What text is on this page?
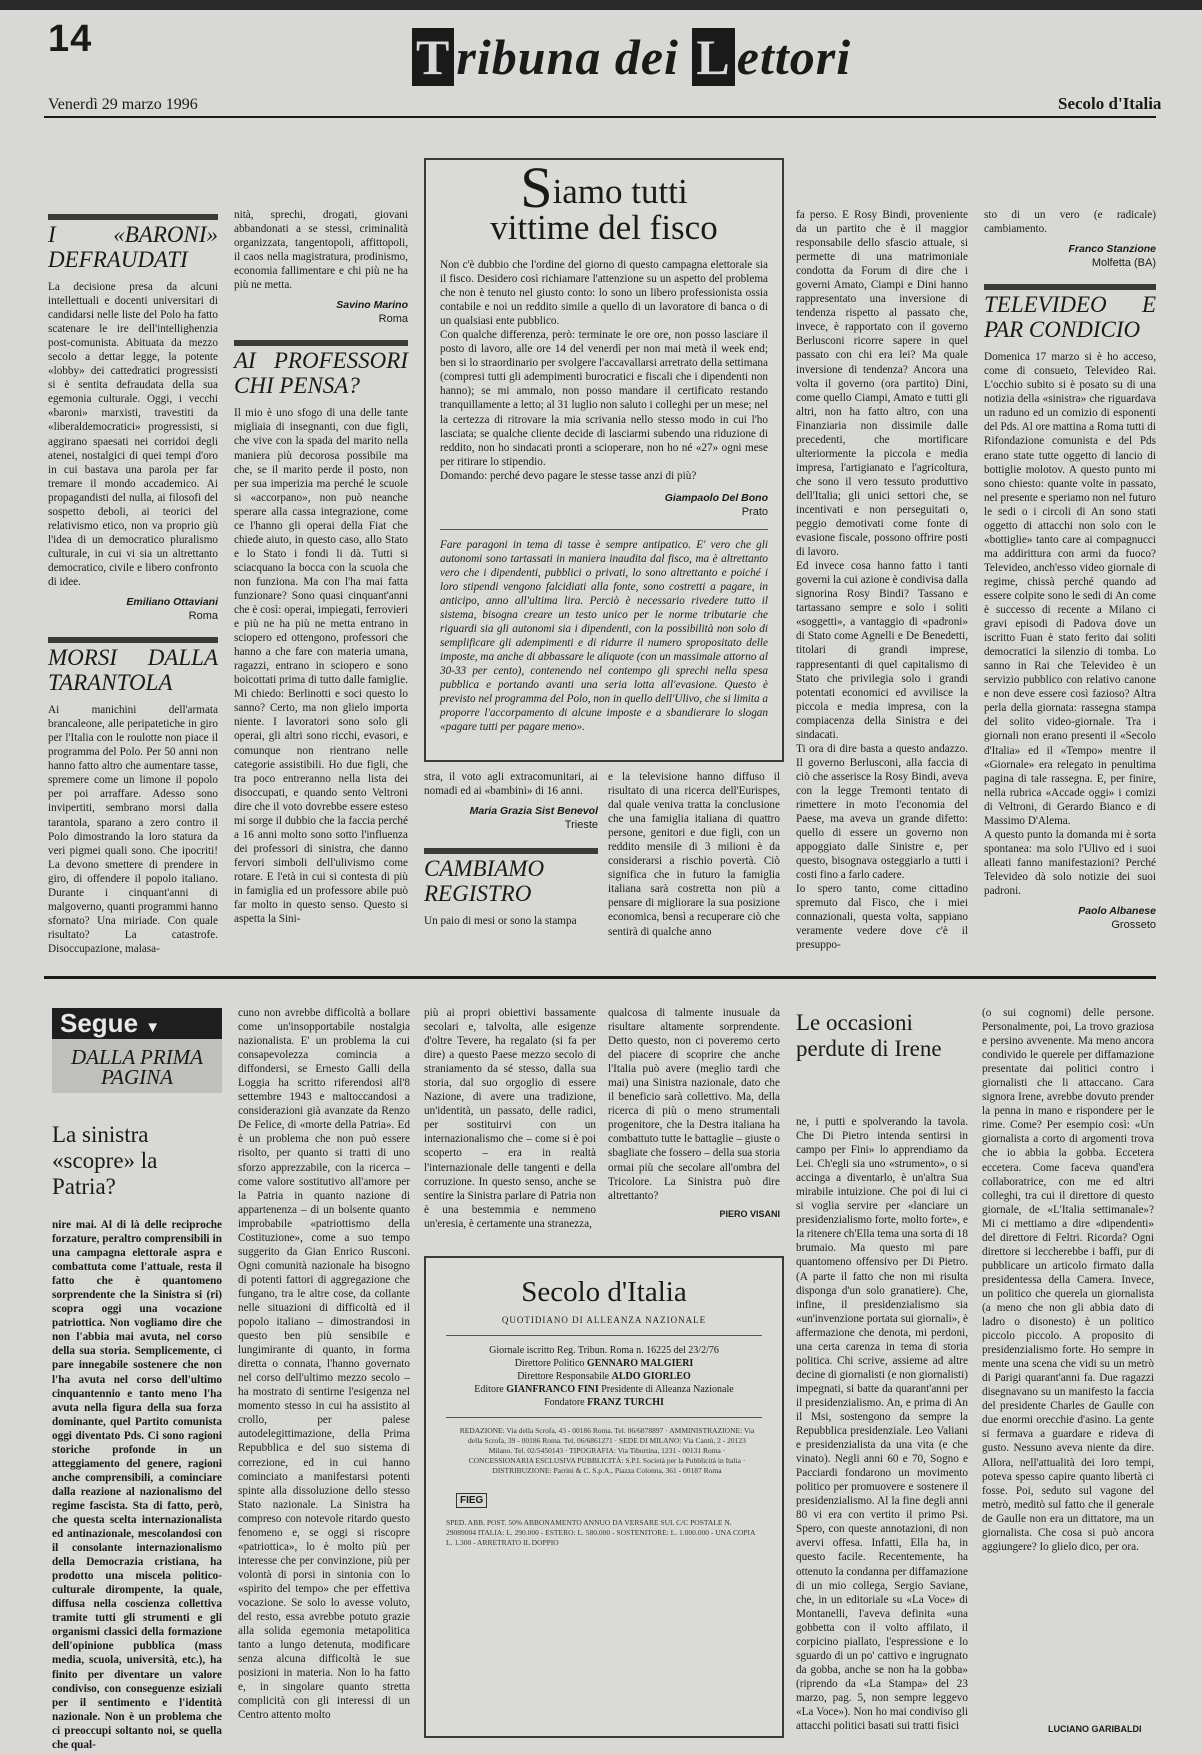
14	T ribuna dei L ettori
Venerdì 29 marzo 1996	Secolo d'Italia
I «BARONI» DEFRAUDATI

La decisione presa da alcuni intellettuali e docenti universitari di candidarsi nelle liste del Polo ha fatto scatenare le ire dell'intellighenzia post-comunista. Abituata da mezzo secolo a dettar legge, la potente «lobby» dei cattedratici progressisti si è sentita defraudata della sua egemonia culturale. Oggi, i vecchi «baroni» marxisti, travestiti da «liberaldemocratici» progressisti, si aggirano spaesati nei corridoi degli atenei, nostalgici di quei tempi d'oro in cui bastava una parola per far tremare il mondo accademico. Ai propagandisti del nulla, ai filosofi del sospetto deboli, ai teorici del relativismo etico, non va proprio giù l'idea di un democratico pluralismo culturale, in cui vi sia un altrettanto democratico, civile e libero confronto di idee.

Emiliano Ottaviani
Roma
MORSI DALLA TARANTOLA

Ai manichini dell'armata brancaleone, alle peripatetiche in giro per l'Italia con le roulotte non piace il programma del Polo. Per 50 anni non hanno fatto altro che aumentare tasse, spremere come un limone il popolo per poi arraffare. Adesso sono invipertiti, sembrano morsi dalla tarantola, sparano a zero contro il Polo dimostrando la loro statura da veri pigmei quali sono. Che ipocriti! La devono smettere di prendere in giro, di offendere il popolo italiano. Durante i cinquant'anni di malgoverno, quanti programmi hanno sfornato? Una miriade. Con quale risultato? La catastrofe. Disoccupazione, malasa-

nità, sprechi, drogati, giovani abbandonati a se stessi, criminalità organizzata, tangentopoli, affittopoli, il caos nella magistratura, prodinismo, economia fallimentare e chi più ne ha più ne metta.

Savino Marino
Roma
AI PROFESSORI CHI PENSA?

Il mio è uno sfogo di una delle tante migliaia di insegnanti, con due figli, che vive con la spada del marito nella maniera più decorosa possibile ma che, se il marito perde il posto, non per sua imperizia ma perché le scuole si «accorpano», non può neanche sperare alla cassa integrazione, come ce l'hanno gli operai della Fiat che chiede aiuto, in questo caso, allo Stato e lo Stato i fondi li dà. Tutti si sciacquano la bocca con la scuola che non funziona. Ma con l'ha mai fatta funzionare? Sono quasi cinquant'anni che è così: operai, impiegati, ferrovieri e più ne ha più ne metta entrano in sciopero ed ottengono, professori che hanno a che fare con materia umana, ragazzi, entrano in sciopero e sono boicottati prima di tutto dalle famiglie. Mi chiedo: Berlinotti e soci questo lo sanno? Certo, ma non glielo importa niente. I lavoratori sono solo gli operai, gli altri sono ricchi, evasori, e comunque non rientrano nelle categorie assistibili. Ho due figli, che tra poco entreranno nella lista dei disoccupati, e quando sento Veltroni dire che il voto dovrebbe essere esteso mi sorge il dubbio che la faccia perché a 16 anni molto sono sotto l'influenza dei professori di sinistra, che danno fervori simboli dell'ulivismo come rotare. E l'età in cui si contesta di più in famiglia ed un professore abile può far molto in questo senso. Questo si aspetta la Sini-

Siamo tutti
vittime del fisco

Non c'è dubbio che l'ordine del giorno di questo campagna elettorale sia il fisco. Desidero così richiamare l'attenzione su un aspetto del problema che non è tenuto nel giusto conto: lo sono un libero professionista ossia contabile e noi un reddito simile a quello di un lavoratore di banca o di un qualsiasi ente pubblico.

Con qualche differenza, però: terminate le ore ore, non posso lasciare il posto di lavoro, alle ore 14 del venerdì per non mai metà il week end; ben si lo straordinario per svolgere l'accavallarsi arretrato della settimana (compresi tutti gli adempimenti burocratici e fiscali che i dipendenti non hanno); se mi ammalo, non posso mandare il certificato restando tranquillamente a letto; al 31 luglio non saluto i colleghi per un mese; nel la certezza di ritrovare la mia scrivania nello stesso modo in cui l'ho lasciata; se qualche cliente decide di lasciarmi subendo una riduzione di reddito, non ho sindacati pronti a scioperare, non ho né «27» ogni mese per ritirare lo stipendio.

Domando: perché devo pagare le stesse tasse anzi di più?

Giampaolo Del Bono
Prato
Fare paragoni in tema di tasse è sempre antipatico. E' vero che gli autonomi sono tartassati in maniera inaudita dal fisco, ma è altrettanto vero che i dipendenti, pubblici o privati, lo sono altrettanto e poiché i loro stipendi vengono falcidiati alla fonte, sono costretti a pagare, in anticipo, anno all'ultima lira. Perciò è necessario rivedere tutto il sistema, bisogna creare un testo unico per le norme tributarie che riguardi sia gli autonomi sia i dipendenti, con la possibilità non solo di semplificare gli adempimenti e di ridurre il numero spropositato delle imposte, ma anche di abbassare le aliquote (con un massimale attorno al 30-33 per cento), contenendo nel contempo gli sprechi nella spesa pubblica e portando avanti una seria lotta all'evasione. Questo è previsto nel programma del Polo, non in quello dell'Ulivo, che si limita a proporre l'accorpamento di alcune imposte e a sbandierare lo slogan «pagare tutti per pagare meno».

stra, il voto agli extracomunitari, ai nomadi ed ai «bambini» di 16 anni.

Maria Grazia Sist Benevol
Trieste
CAMBIAMO REGISTRO

Un paio di mesi or sono la stampa

e la televisione hanno diffuso il risultato di una ricerca dell'Eurispes, dal quale veniva tratta la conclusione che una famiglia italiana di quattro persone, genitori e due figli, con un reddito mensile di 3 milioni è da considerarsi a rischio povertà. Ciò significa che in futuro la famiglia italiana sarà costretta non più a pensare di migliorare la sua posizione economica, bensì a recuperare ciò che sentirà di qualche anno

fa perso. E Rosy Bindi, proveniente da un partito che è il maggior responsabile dello sfascio attuale, si permette di una matrimoniale condotta da Forum di dire che i governi Amato, Ciampi e Dini hanno rappresentato una inversione di tendenza rispetto al passato che, invece, è rapportato con il governo Berlusconi ricorre sapere in quel passato con chi era lei? Ma quale inversione di tendenza? Ancora una volta il governo (ora partito) Dini, come quello Ciampi, Amato e tutti gli altri, non ha fatto altro, con una Finanziaria non dissimile dalle precedenti, che mortificare ulteriormente la piccola e media impresa, l'artigianato e l'agricoltura, che sono il vero tessuto produttivo dell'Italia; gli unici settori che, se incentivati e non perseguitati o, peggio demotivati come fonte di evasione fiscale, possono offrire posti di lavoro.

Ed invece cosa hanno fatto i tanti governi la cui azione è condivisa dalla signorina Rosy Bindi? Tassano e tartassano sempre e solo i soliti «soggetti», a vantaggio di «padroni» di Stato come Agnelli e De Benedetti, titolari di grandi imprese, rappresentanti di quel capitalismo di Stato che privilegia solo i grandi potentati economici ed avvilisce la piccola e media impresa, con la compiacenza della Sinistra e dei sindacati.

Ti ora di dire basta a questo andazzo. Il governo Berlusconi, alla faccia di ciò che asserisce la Rosy Bindi, aveva con la legge Tremonti tentato di rimettere in moto l'economia del Paese, ma aveva un grande difetto: quello di essere un governo non appoggiato dalle Sinistre e, per questo, bisognava osteggiarlo a tutti i costi fino a farlo cadere.

Io spero tanto, come cittadino spremuto dal Fisco, che i miei connazionali, questa volta, sappiano veramente vedere dove c'è il presuppo-

sto di un vero (e radicale) cambiamento.

Franco Stanzione
Molfetta (BA)
TELEVIDEO E PAR CONDICIO

Domenica 17 marzo si è ho acceso, come di consueto, Televideo Rai. L'occhio subito si è posato su di una notizia della «sinistra» che riguardava un raduno ed un comizio di esponenti del Pds. Al ore mattina a Roma tutti di Rifondazione comunista e del Pds erano state tutte oggetto di lancio di bottiglie molotov. A questo punto mi sono chiesto: quante volte in passato, nel presente e speriamo non nel futuro le sedi o i circoli di An sono stati oggetto di attacchi non solo con le «bottiglie» tanto care ai compagnucci ma addirittura con armi da fuoco? Televideo, anch'esso video giornale di regime, chissà perché quando ad essere colpite sono le sedi di An come è successo di recente a Milano ci gravi episodi di Padova dove un iscritto Fuan è stato ferito dai soliti democratici la silenzio di tomba. Lo sanno in Rai che Televideo è un servizio pubblico con relativo canone e non deve essere così fazioso? Altra perla della giornata: rassegna stampa del solito video-giornale. Tra i giornali non erano presenti il «Secolo d'Italia» ed il «Tempo» mentre il «Giornale» era relegato in penultima pagina di tale rassegna. E, per finire, nella rubrica «Accade oggi» i comizi di Veltroni, di Gerardo Bianco e di Massimo D'Alema.

A questo punto la domanda mi è sorta spontanea: ma solo l'Ulivo ed i suoi alleati fanno manifestazioni? Perché Televideo dà solo notizie dei suoi padroni.

Paolo Albanese
Grosseto
Segue ▼
DALLA PRIMA PAGINA
La sinistra «scopre» la Patria?

nire mai. Al di là delle reciproche forzature, peraltro comprensibili in una campagna elettorale aspra e combattuta come l'attuale, resta il fatto che è quantomeno sorprendente che la Sinistra si (ri) scopra oggi una vocazione patriottica. Non vogliamo dire che non l'abbia mai avuta, nel corso della sua storia. Semplicemente, ci pare innegabile sostenere che non l'ha avuta nel corso dell'ultimo cinquantennio e tanto meno l'ha avuta nella figura della sua forza dominante, quel Partito comunista oggi diventato Pds. Ci sono ragioni storiche profonde in un atteggiamento del genere, ragioni anche comprensibili, a cominciare dalla reazione al nazionalismo del regime fascista. Sta di fatto, però, che questa scelta internazionalista ed antinazionale, mescolandosi con il consolante internazionalismo della Democrazia cristiana, ha prodotto una miscela politico-culturale dirompente, la quale, diffusa nella coscienza collettiva tramite tutti gli strumenti e gli organismi classici della formazione dell'opinione pubblica (mass media, scuola, università, etc.), ha finito per diventare un valore condiviso, con conseguenze esiziali per il sentimento e l'identità nazionale. Non è un problema che ci preoccupi soltanto noi, se quella che qual-

cuno non avrebbe difficoltà a bollare come un'insopportabile nostalgia nazionalista. E' un problema la cui consapevolezza comincia a diffondersi, se Ernesto Galli della Loggia ha scritto riferendosi all'8 settembre 1943 e maltoccandosi a considerazioni già avanzate da Renzo De Felice, di «morte della Patria». Ed è un problema che non può essere risolto, per quanto si tratti di uno sforzo apprezzabile, con la ricerca – come valore sostitutivo all'amore per la Patria in quanto nazione di appartenenza – di un bolsente quanto improbabile «patriottismo della Costituzione», come a suo tempo suggerito da Gian Enrico Rusconi. Ogni comunità nazionale ha bisogno di potenti fattori di aggregazione che fungano, tra le altre cose, da collante nelle situazioni di difficoltà ed il popolo italiano – dimostrandosi in questo ben più sensibile e lungimirante di quanto, in forma diretta o connata, l'hanno governato nel corso dell'ultimo mezzo secolo – ha mostrato di sentirne l'esigenza nel momento stesso in cui ha assistito al crollo, per palese autodelegittimazione, della Prima Repubblica e del suo sistema di correzione, ed in cui hanno cominciato a manifestarsi potenti spinte alla dissoluzione dello stesso Stato nazionale. La Sinistra ha compreso con notevole ritardo questo fenomeno e, se oggi si riscopre «patriottica», lo è molto più per interesse che per convinzione, più per volontà di porsi in sintonia con lo «spirito del tempo» che per effettiva vocazione. Se solo lo avesse voluto, del resto, essa avrebbe potuto grazie alla solida egemonia metapolitica tanto a lungo detenuta, modificare senza alcuna difficoltà le sue posizioni in materia. Non lo ha fatto e, in singolare quanto stretta complicità con gli interessi di un Centro attento molto

più ai propri obiettivi bassamente secolari e, talvolta, alle esigenze d'oltre Tevere, ha regalato (si fa per dire) a questo Paese mezzo secolo di straniamento da sé stesso, dalla sua storia, dal suo orgoglio di essere Nazione, di avere una tradizione, un'identità, un passato, delle radici, per sostituirvi con un internazionalismo che – come si è poi scoperto – era in realtà l'internazionale delle tangenti e della corruzione. In questo senso, anche se sentire la Sinistra parlare di Patria non è una bestemmia e nemmeno un'eresia, è certamente una stranezza,

qualcosa di talmente inusuale da risultare altamente sorprendente. Detto questo, non ci poveremo certo del piacere di scoprire che anche l'Italia può avere (meglio tardi che mai) una Sinistra nazionale, dato che il beneficio sarà collettivo. Ma, della ricerca di più o meno strumentali progenitore, che la Destra italiana ha combattuto tutte le battaglie – giuste o sbagliate che fossero – della sua storia ormai più che secolare all'ombra del Tricolore. La Sinistra può dire altrettanto?

PIERO VISANI
Secolo d'Italia
QUOTIDIANO DI ALLEANZA NAZIONALE
Giornale iscritto Reg. Tribun. Roma n. 16225 del 23/2/76
Direttore Politico GENNARO MALGIERI
Direttore Responsabile ALDO GIORLEO
Editore GIANFRANCO FINI Presidente di Alleanza Nazionale
Fondatore FRANZ TURCHI
REDAZIONE: Via della Scrofa, 43 - 00186 Roma. Tel. 06/6878897 · AMMINISTRAZIONE: Via della Scrofa, 39 - 00186 Roma. Tel. 06/6861271 · SEDE DI MILANO: Via Cantù, 2 - 20123 Milano. Tel. 02/5450143 · TIPOGRAFIA: Via Tiburtina, 1231 - 00131 Roma · CONCESSIONARIA ESCLUSIVA PUBBLICITÀ: S.P.I. Società per la Pubblicità in Italia · DISTRIBUZIONE: Parrini & C. S.p.A., Piazza Colonna, 361 - 00187 Roma
FIEG
SPED. ABB. POST. 50% ABBONAMENTO ANNUO DA VERSARE SUL C/C POSTALE N. 29089004 ITALIA: L. 290.000 - ESTERO: L. 580.000 - SOSTENITORE: L. 1.000.000 - UNA COPIA L. 1.300 - ARRETRATO IL DOPPIO
Le occasioni perdute di Irene

ne, i putti e spolverando la tavola. Che Di Pietro intenda sentirsi in campo per Fini» lo apprendiamo da Lei. Ch'egli sia uno «strumento», o si accinga a diventarlo, è un'altra Sua mirabile intuizione. Che poi di lui ci si voglia servire per «lanciare un presidenzialismo forte, molto forte», e la ritenere ch'Ella tema una sorta di 18 brumaio. Ma questo mi pare quantomeno offensivo per Di Pietro. (A parte il fatto che non mi risulta disponga d'un solo granatiere). Che, infine, il presidenzialismo sia «un'invenzione portata sui giornali», è affermazione che denota, mi perdoni, una certa carenza in tema di storia politica. Chi scrive, assieme ad altre decine di giornalisti (e non giornalisti) impegnati, si batte da quarant'anni per il presidenzialismo. An, e prima di An il Msi, sostengono da sempre la Repubblica presidenziale. Leo Valiani e presidenzialista da una vita (e che vinato). Negli anni 60 e 70, Sogno e Pacciardi fondarono un movimento politico per promuovere e sostenere il presidenzialismo. Al la fine degli anni 80 vi era con vertito il primo Psi. Spero, con queste annotazioni, di non avervi offesa. Infatti, Ella ha, in questo facile. Recentemente, ha ottenuto la condanna per diffamazione di un mio collega, Sergio Saviane, che, in un editoriale su «La Voce» di Montanelli, l'aveva definita «una gobbetta con il volto affilato, il corpicino piallato, l'espressione e lo sguardo di un po' cattivo e ingrugnato da gobba, anche se non ha la gobba» (riprendo da «La Stampa» del 23 marzo, pag. 5, non sempre leggevo «La Voce»). Non ho mai condiviso gli attacchi politici basati sui tratti fisici

(o sui cognomi) delle persone. Personalmente, poi, La trovo graziosa e persino avvenente. Ma meno ancora condivido le querele per diffamazione presentate dai politici contro i giornalisti che li attaccano. Cara signora Irene, avrebbe dovuto prender la penna in mano e rispondere per le rime. Come? Per esempio così: «Un giornalista a corto di argomenti trova che io abbia la gobba. Eccetera eccetera. Come faceva quand'era collaboratrice, con me ed altri colleghi, tra cui il direttore di questo giornale, de «L'Italia settimanale»? Mi ci mettiamo a dire «dipendenti» del direttore di Feltri. Ricorda? Ogni direttore si leccherebbe i baffi, pur di pubblicare un articolo firmato dalla presidentessa della Camera. Invece, un politico che querela un giornalista (a meno che non gli abbia dato di ladro o disonesto) è un politico piccolo piccolo. A proposito di presidenzialismo forte. Ho sempre in mente una scena che vidi su un metrò di Parigi quarant'anni fa. Due ragazzi disegnavano su un manifesto la faccia del presidente Charles de Gaulle con due enormi orecchie d'asino. La gente si fermava a guardare e rideva di gusto. Nessuno aveva niente da dire. Allora, nell'attualità dei loro tempi, poteva spesso capire quanto libertà ci fosse. Poi, seduto sul vagone del metrò, meditò sul fatto che il generale de Gaulle non era un dittatore, ma un giornalista. Che cosa si può ancora aggiungere? Io glielo dico, per ora.

LUCIANO GARIBALDI
